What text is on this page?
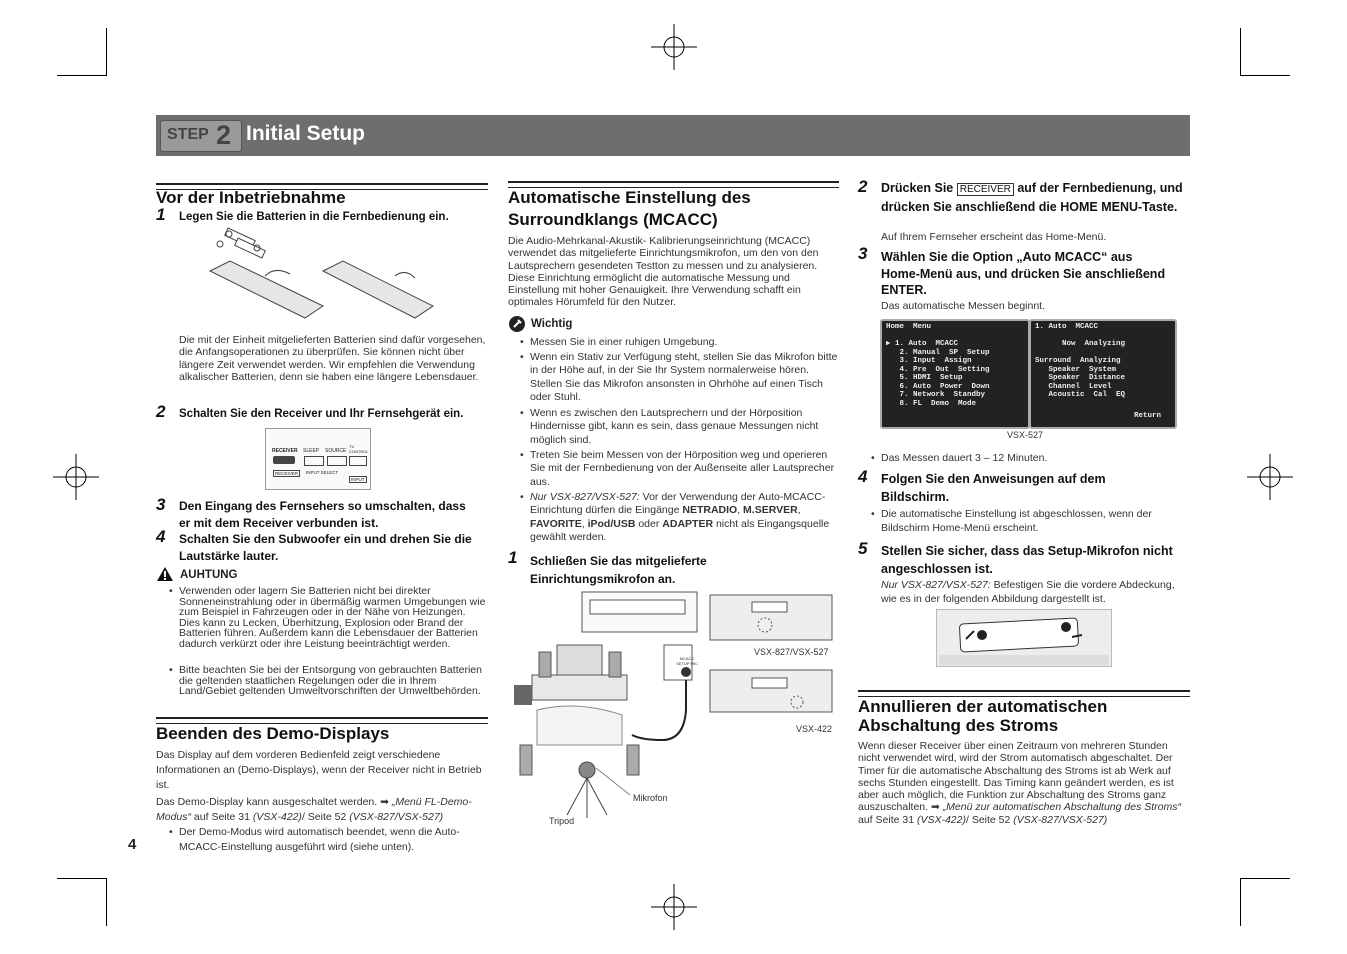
STEP 2 Initial Setup
Vor der Inbetriebnahme
1 Legen Sie die Batterien in die Fernbedienung ein.
Die mit der Einheit mitgelieferten Batterien sind dafür vorgesehen, die Anfangsoperationen zu überprüfen. Sie können nicht über längere Zeit verwendet werden. Wir empfehlen die Verwendung alkalischer Batterien, denn sie haben eine längere Lebensdauer.
2 Schalten Sie den Receiver und Ihr Fernsehgerät ein.
RECEIVER SLEEP SOURCE
TV CONTROL
RECEIVER	INPUT SELECT
INPUT
3 Den Eingang des Fernsehers so umschalten, dass er mit dem Receiver verbunden ist.
4 Schalten Sie den Subwoofer ein und drehen Sie die Lautstärke lauter.
AUHTUNG
• Verwenden oder lagern Sie Batterien nicht bei direkter Sonneneinstrahlung oder in übermäßig warmen Umgebungen wie zum Beispiel in Fahrzeugen oder in der Nähe von Heizungen. Dies kann zu Lecken, Überhitzung, Explosion oder Brand der Batterien führen. Außerdem kann die Lebensdauer der Batterien dadurch verkürzt oder ihre Leistung beeinträchtigt werden.
• Bitte beachten Sie bei der Entsorgung von gebrauchten Batterien die geltenden staatlichen Regelungen oder die in Ihrem Land/Gebiet geltenden Umweltvorschriften der Umweltbehörden.
Beenden des Demo-Displays
Das Display auf dem vorderen Bedienfeld zeigt verschiedene Informationen an (Demo-Displays), wenn der Receiver nicht in Betrieb ist.
Das Demo-Display kann ausgeschaltet werden. ➡ „Menü FL-Demo-Modus“ auf Seite 31 (VSX-422)/ Seite 52 (VSX-827/VSX-527)
• Der Demo-Modus wird automatisch beendet, wenn die Auto-MCACC-Einstellung ausgeführt wird (siehe unten).
4
Automatische Einstellung des
Surroundklangs (MCACC)
Die Audio-Mehrkanal-Akustik- Kalibrierungseinrichtung (MCACC) verwendet das mitgelieferte Einrichtungsmikrofon, um den von den Lautsprechern gesendeten Testton zu messen und zu analysieren. Diese Einrichtung ermöglicht die automatische Messung und Einstellung mit hoher Genauigkeit. Ihre Verwendung schafft ein optimales Hörumfeld für den Nutzer.
Wichtig
• Messen Sie in einer ruhigen Umgebung.
• Wenn ein Stativ zur Verfügung steht, stellen Sie das Mikrofon bitte in der Höhe auf, in der Sie Ihr System normalerweise hören. Stellen Sie das Mikrofon ansonsten in Ohrhöhe auf einen Tisch oder Stuhl.
• Wenn es zwischen den Lautsprechern und der Hörposition Hindernisse gibt, kann es sein, dass genaue Messungen nicht möglich sind.
• Treten Sie beim Messen von der Hörposition weg und operieren Sie mit der Fernbedienung von der Außenseite aller Lautsprecher aus.
• Nur VSX-827/VSX-527: Vor der Verwendung der Auto-MCACC- Einrichtung dürfen die Eingänge NETRADIO, M.SERVER, FAVORITE, iPod/USB oder ADAPTER nicht als Eingangsquelle gewählt werden.
1 Schließen Sie das mitgelieferte Einrichtungsmikrofon an.
MCACC SETUP MIC
VSX-827/VSX-527
VSX-422
Mikrofon
Tripod
2 Drücken Sie RECEIVER auf der Fernbedienung, und drücken Sie anschließend die HOME MENU-Taste.
Auf Ihrem Fernseher erscheint das Home-Menü.
3 Wählen Sie die Option „Auto MCACC“ aus Home-Menü aus, und drücken Sie anschließend ENTER.
Das automatische Messen beginnt.
Home  Menu

▶ 1. Auto  MCACC
2. Manual  SP  Setup
3. Input  Assign
4. Pre  Out  Setting
5. HDMI  Setup
6. Auto  Power  Down
7. Network  Standby
8. FL  Demo  Mode
1. Auto  MCACC

Now  Analyzing

Surround  Analyzing
Speaker  System
Speaker  Distance
Channel  Level
Acoustic  Cal  EQ
Return
VSX-527
• Das Messen dauert 3 – 12 Minuten.
4 Folgen Sie den Anweisungen auf dem Bildschirm.
• Die automatische Einstellung ist abgeschlossen, wenn der Bildschirm Home-Menü erscheint.
5 Stellen Sie sicher, dass das Setup-Mikrofon nicht angeschlossen ist.
Nur VSX-827/VSX-527: Befestigen Sie die vordere Abdeckung, wie es in der folgenden Abbildung dargestellt ist.
Annullieren der automatischen
Abschaltung des Stroms
Wenn dieser Receiver über einen Zeitraum von mehreren Stunden nicht verwendet wird, wird der Strom automatisch abgeschaltet. Der Timer für die automatische Abschaltung des Stroms ist ab Werk auf sechs Stunden eingestellt. Das Timing kann geändert werden, es ist aber auch möglich, die Funktion zur Abschaltung des Stroms ganz auszuschalten. ➡ „Menü zur automatischen Abschaltung des Stroms“ auf Seite 31 (VSX-422)/ Seite 52 (VSX-827/VSX-527)
